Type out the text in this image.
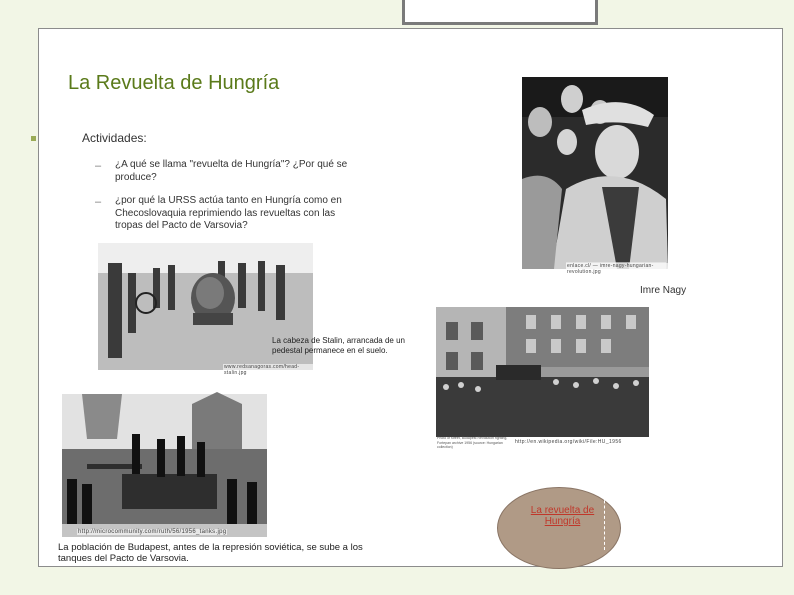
La Revuelta de Hungría
Actividades:
– ¿A qué se llama "revuelta de Hungría"? ¿Por qué se produce?
– ¿por qué la URSS actúa tanto en Hungría como en Checoslovaquia reprimiendo las revueltas con las tropas del Pacto de Varsovia?
enlace.cl/ — imre-nagy-hungarian-revolution.jpg
Imre Nagy
www.redsanagoras.com/head-stalin.jpg
La cabeza de Stalin, arrancada de un pedestal permanece en el suelo.
Photo of street, Budapest Revolution fighting, Fortepan archive 1956 (source: Hungarian collection)
http://en.wikipedia.org/wiki/File:HU_1956
http://microcommunity.com/ruth/56/1956_tanks.jpg
La población de Budapest, antes de la represión soviética, se sube a los tanques del Pacto de Varsovia.
La revuelta de Hungría
